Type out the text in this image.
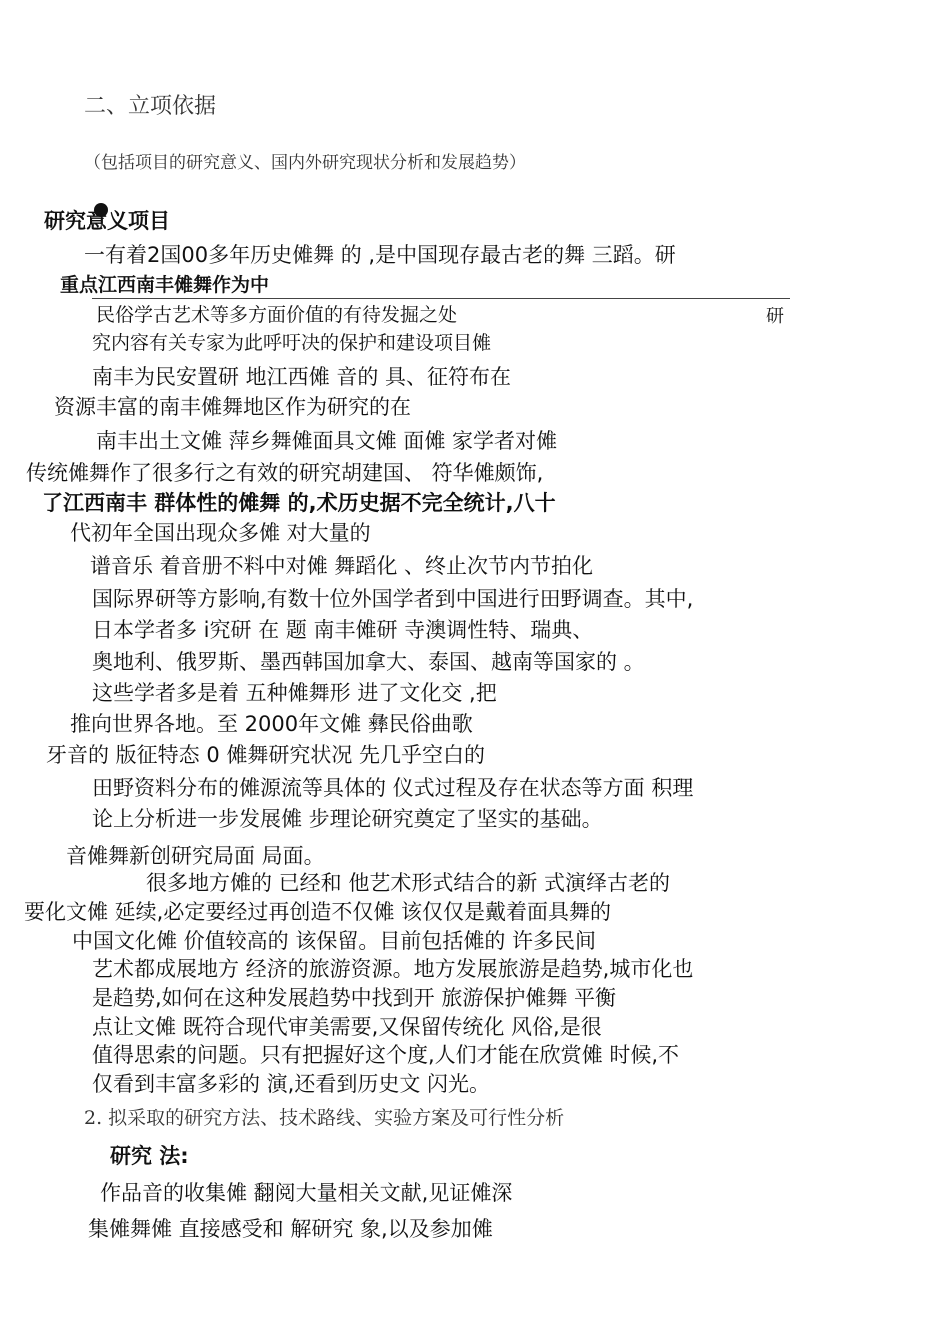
二、立项依据
（包括项目的研究意义、国内外研究现状分析和发展趋势）
研究意义项目
一有着2国00多年历史傩舞 的 ,是中国现存最古老的舞 三蹈。研
重点江西南丰傩舞作为中
民俗学古艺术等多方面价值的有待发掘之处	研
究内容有关专家为此呼吁决的保护和建设项目傩
南丰为民安置研 地江西傩 音的 具、征符布在
资源丰富的南丰傩舞地区作为研究的在
南丰出土文傩 萍乡舞傩面具文傩 面傩 家学者对傩
传统傩舞作了很多行之有效的研究胡建国、 符华傩颇饰,
了江西南丰 群体性的傩舞 的,术历史据不完全统计,八十
代初年全国出现众多傩 对大量的
谱音乐 着音册不料中对傩 舞蹈化 、终止次节内节拍化
国际界研等方影响,有数十位外国学者到中国进行田野调查。其中,
日本学者多 i究研 在 题 南丰傩研 寺澳调性特、瑞典、
奥地利、俄罗斯、墨西韩国加拿大、泰国、越南等国家的 。
这些学者多是着 五种傩舞形 进了文化交 ,把
推向世界各地。至 2000年文傩 彝民俗曲歌
牙音的 版征特态 0 傩舞研究状况 先几乎空白的
田野资料分布的傩源流等具体的 仪式过程及存在状态等方面 积理
论上分析进一步发展傩 步理论研究奠定了坚实的基础。
音傩舞新创研究局面 局面。
很多地方傩的 已经和 他艺术形式结合的新 式演绎古老的
要化文傩 延续,必定要经过再创造不仅傩 该仅仅是戴着面具舞的
中国文化傩 价值较高的 该保留。目前包括傩的 许多民间
艺术都成展地方 经济的旅游资源。地方发展旅游是趋势,城市化也
是趋势,如何在这种发展趋势中找到开 旅游保护傩舞 平衡
点让文傩 既符合现代审美需要,又保留传统化 风俗,是很
值得思索的问题。只有把握好这个度,人们才能在欣赏傩 时候,不
仅看到丰富多彩的 演,还看到历史文 闪光。
2. 拟采取的研究方法、技术路线、实验方案及可行性分析
研究 法:
作品音的收集傩 翻阅大量相关文献,见证傩深
集傩舞傩 直接感受和 解研究 象,以及参加傩
